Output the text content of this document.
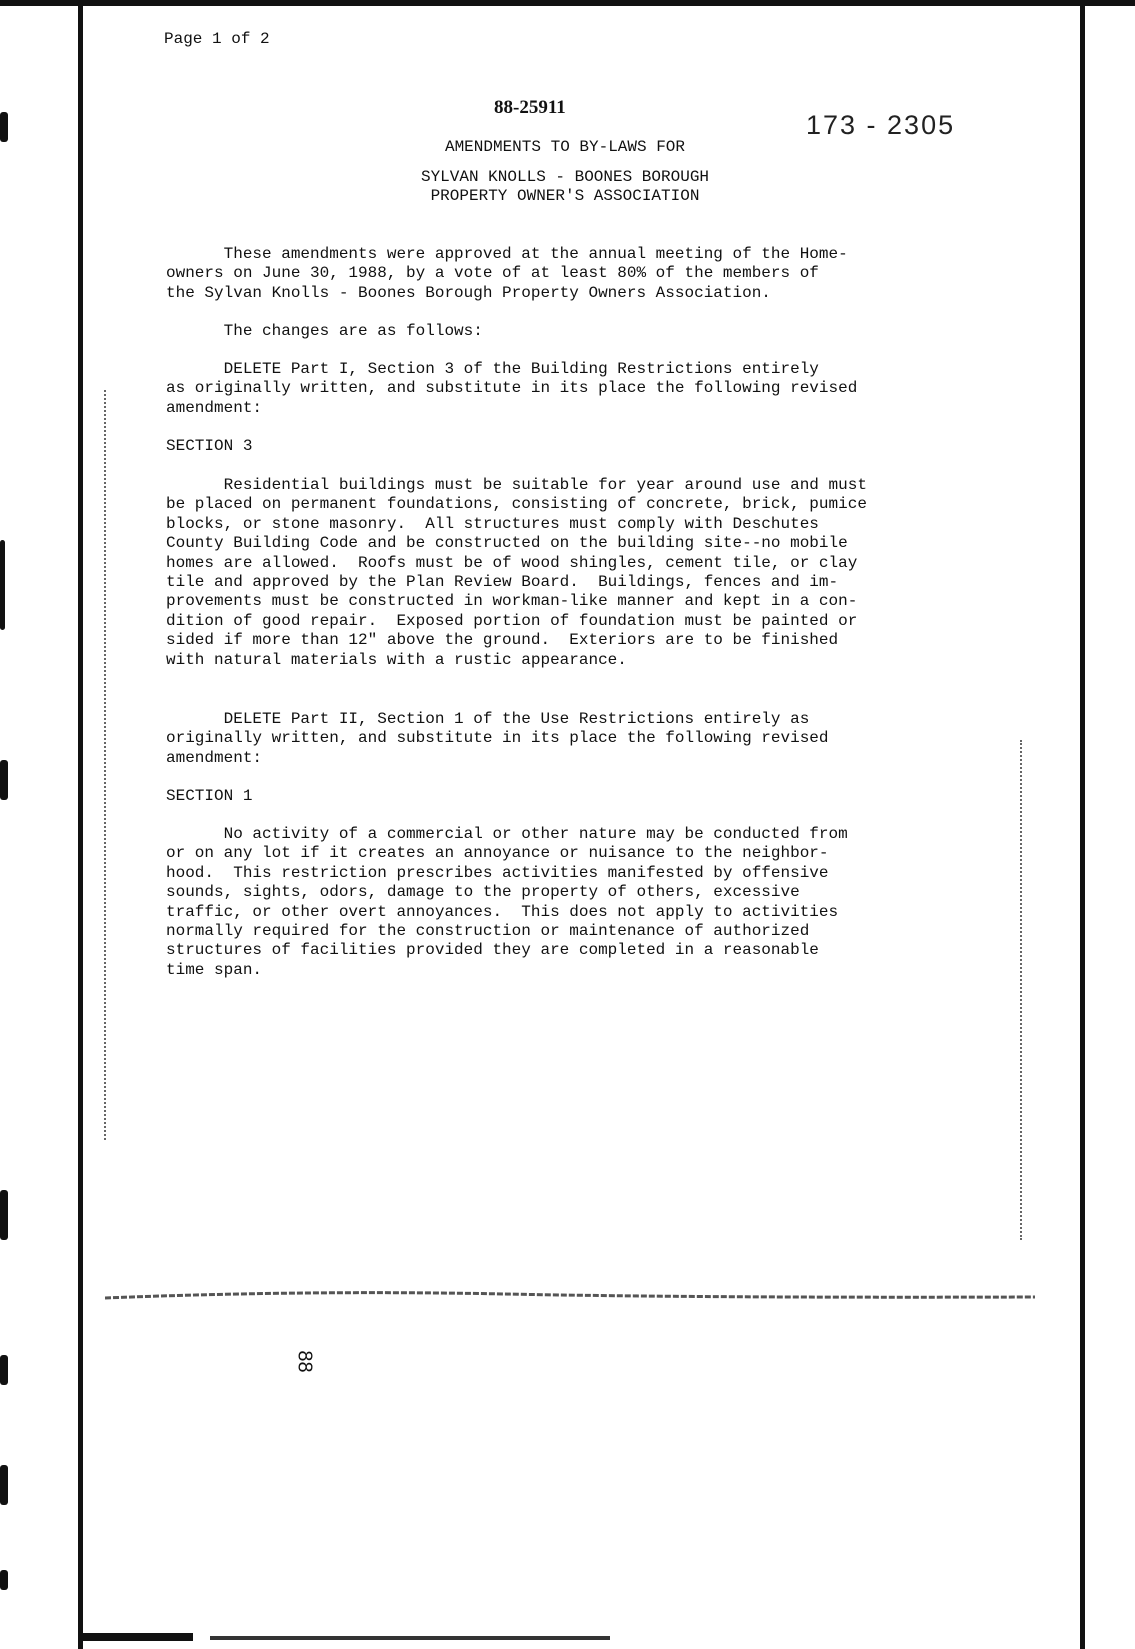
Page 1 of 2
88-25911
173 - 2305
AMENDMENTS TO BY-LAWS FOR
SYLVAN KNOLLS - BOONES BOROUGH
PROPERTY OWNER'S ASSOCIATION
These amendments were approved at the annual meeting of the Home-
owners on June 30, 1988, by a vote of at least 80% of the members of
the Sylvan Knolls - Boones Borough Property Owners Association.
The changes are as follows:
DELETE Part I, Section 3 of the Building Restrictions entirely
as originally written, and substitute in its place the following revised
amendment:
SECTION 3
Residential buildings must be suitable for year around use and must
be placed on permanent foundations, consisting of concrete, brick, pumice
blocks, or stone masonry.  All structures must comply with Deschutes
County Building Code and be constructed on the building site--no mobile
homes are allowed.  Roofs must be of wood shingles, cement tile, or clay
tile and approved by the Plan Review Board.  Buildings, fences and im-
provements must be constructed in workman-like manner and kept in a con-
dition of good repair.  Exposed portion of foundation must be painted or
sided if more than 12" above the ground.  Exteriors are to be finished
with natural materials with a rustic appearance.
DELETE Part II, Section 1 of the Use Restrictions entirely as
originally written, and substitute in its place the following revised
amendment:
SECTION 1
No activity of a commercial or other nature may be conducted from
or on any lot if it creates an annoyance or nuisance to the neighbor-
hood.  This restriction prescribes activities manifested by offensive
sounds, sights, odors, damage to the property of others, excessive
traffic, or other overt annoyances.  This does not apply to activities
normally required for the construction or maintenance of authorized
structures of facilities provided they are completed in a reasonable
time span.
88
